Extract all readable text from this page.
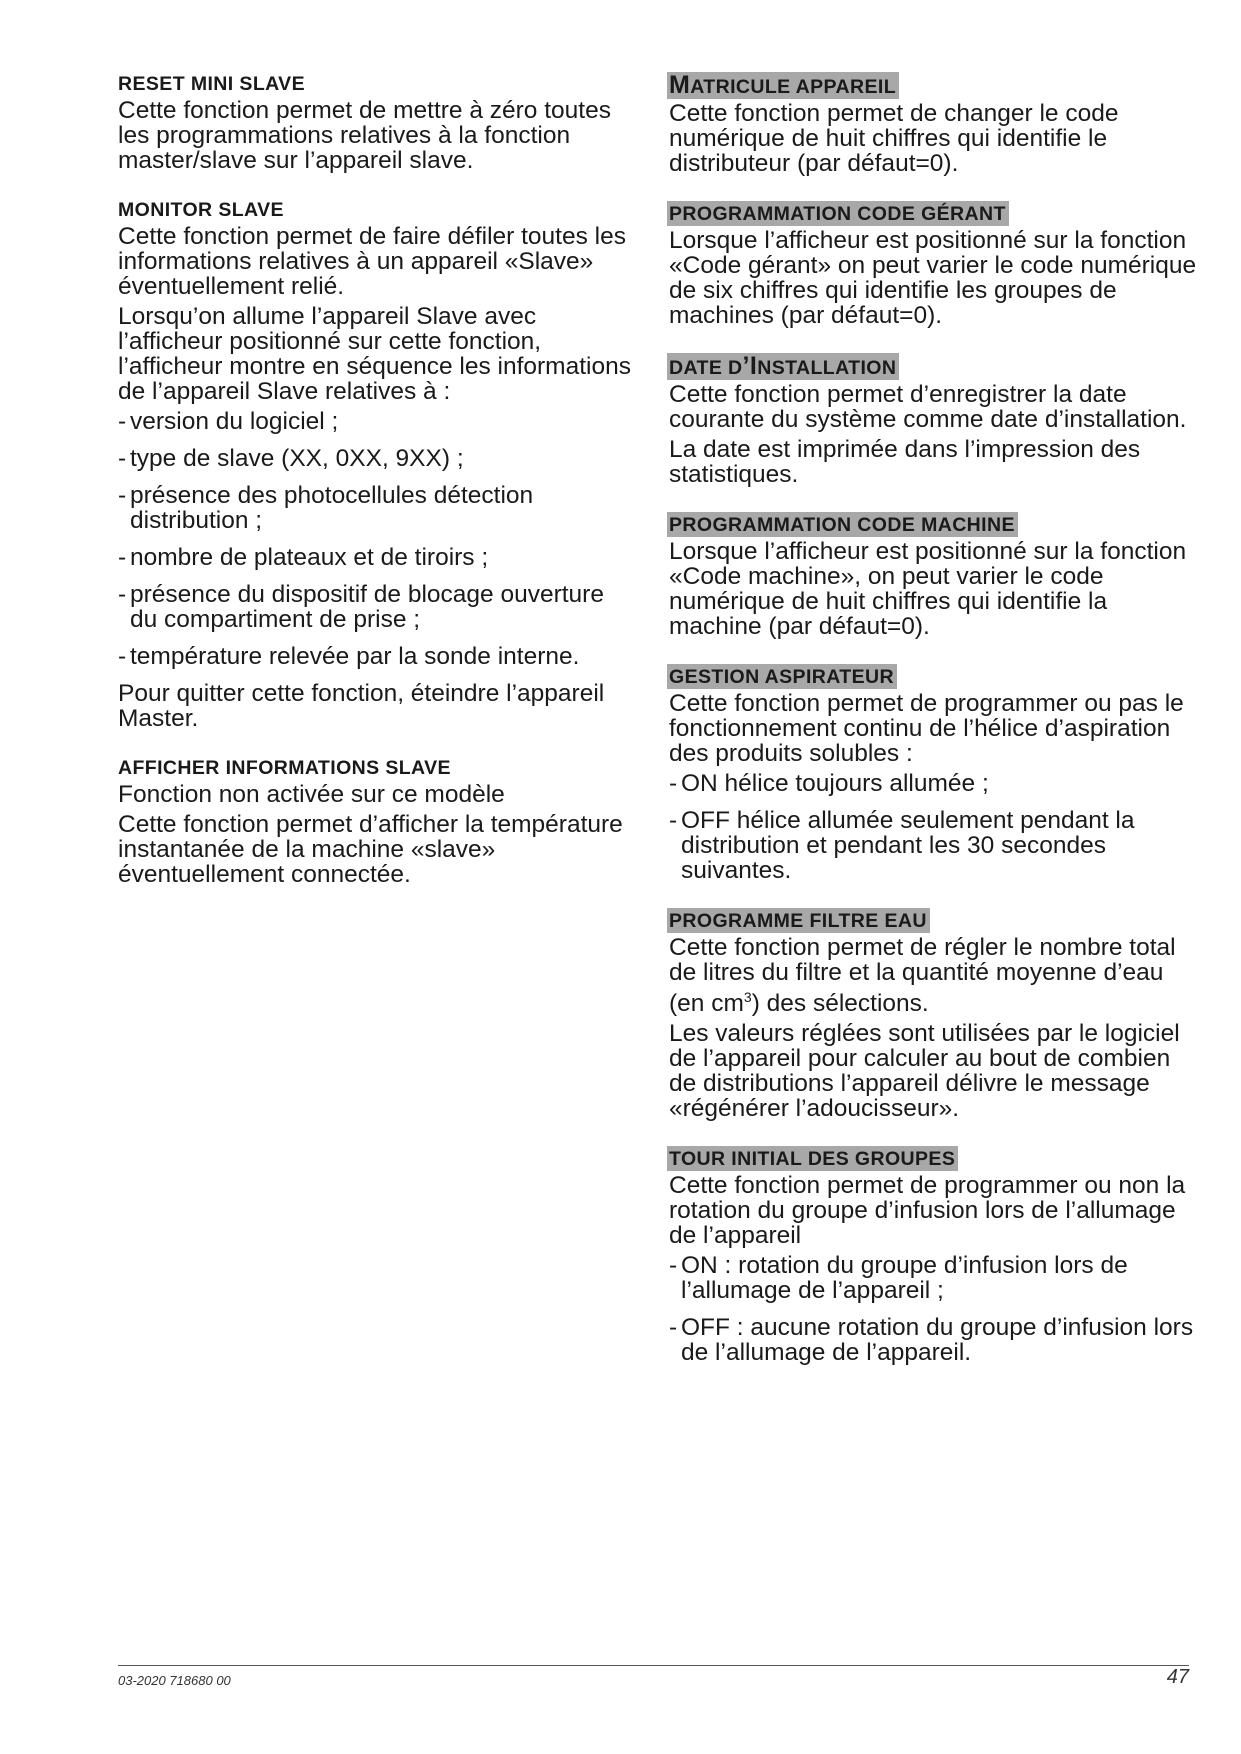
RESET MINI SLAVE

Cette fonction permet de mettre à zéro toutes les programmations relatives à la fonction master/slave sur l’appareil slave.

MONITOR SLAVE

Cette fonction permet de faire défiler toutes les informations relatives à un appareil «Slave» éventuellement relié.

Lorsqu’on allume l’appareil Slave avec l’afficheur positionné sur cette fonction, l’afficheur montre en séquence les informations de l’appareil Slave relatives à :

- version du logiciel ;
- type de slave (XX, 0XX, 9XX) ;
- présence des photocellules détection distribution ;
- nombre de plateaux et de tiroirs ;
- présence du dispositif de blocage ouverture du compartiment de prise ;
- température relevée par la sonde interne.

Pour quitter cette fonction, éteindre l’appareil Master.

AFFICHER INFORMATIONS SLAVE

Fonction non activée sur ce modèle

Cette fonction permet d’afficher la température instantanée de la machine «slave» éventuellement connectée.

MATRICULE APPAREIL

Cette fonction permet de changer le code numérique de huit chiffres qui identifie le distributeur (par défaut=0).

PROGRAMMATION CODE GÉRANT

Lorsque l’afficheur est positionné sur la fonction «Code gérant» on peut varier le code numérique de six chiffres qui identifie les groupes de machines (par défaut=0).

DATE D’INSTALLATION

Cette fonction permet d’enregistrer la date courante du système comme date d’installation.

La date est imprimée dans l’impression des statistiques.

PROGRAMMATION CODE MACHINE

Lorsque l’afficheur est positionné sur la fonction «Code machine», on peut varier le code numérique de huit chiffres qui identifie la machine (par défaut=0).

GESTION ASPIRATEUR

Cette fonction permet de programmer ou pas le fonctionnement continu de l’hélice d’aspiration des produits solubles :

- ON hélice toujours allumée ;
- OFF hélice allumée seulement pendant la distribution et pendant les 30 secondes suivantes.
PROGRAMME FILTRE EAU

Cette fonction permet de régler le nombre total de litres du filtre et la quantité moyenne d’eau (en $cm^3$) des sélections.

Les valeurs réglées sont utilisées par le logiciel de l’appareil pour calculer au bout de combien de distributions l’appareil délivre le message «régénérer l’adoucisseur».

TOUR INITIAL DES GROUPES

Cette fonction permet de programmer ou non la rotation du groupe d’infusion lors de l’allumage de l’appareil

- ON : rotation du groupe d’infusion lors de l’allumage de l’appareil ;
- OFF : aucune rotation du groupe d’infusion lors de l’allumage de l’appareil.
03-2020 718680 00	47
